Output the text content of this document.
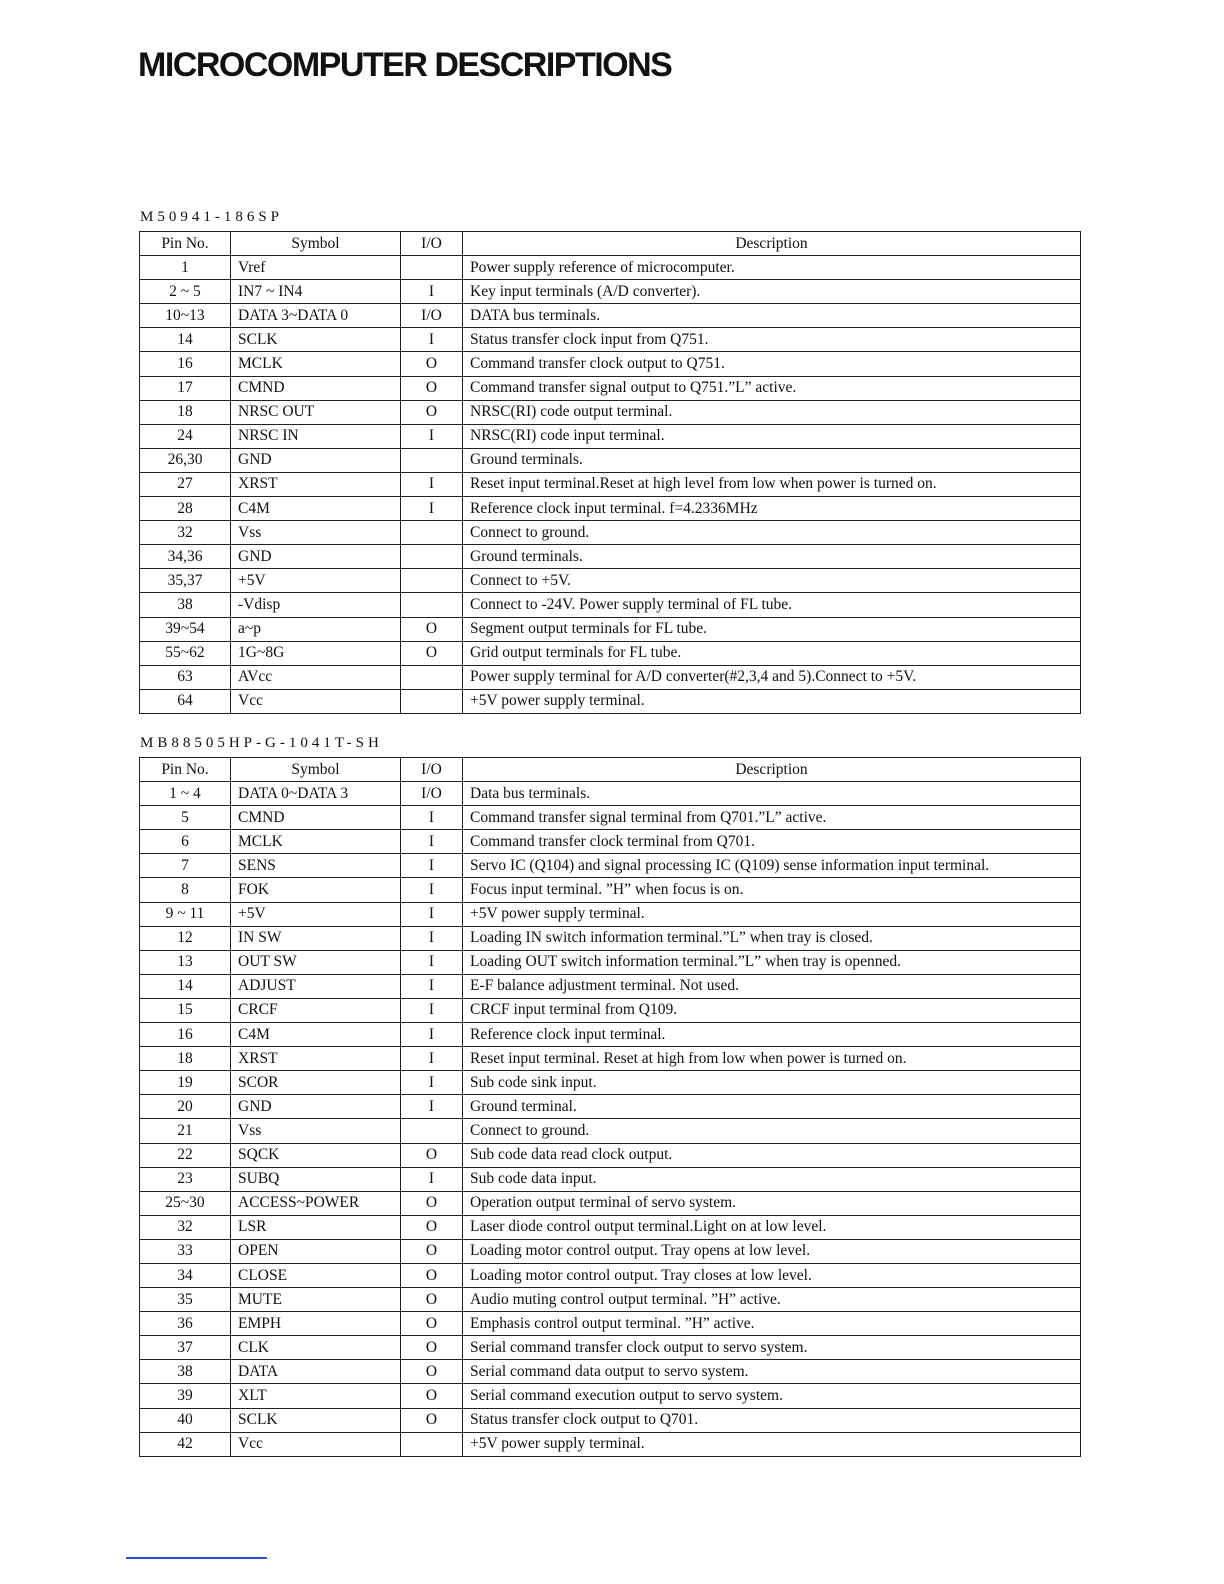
MICROCOMPUTER DESCRIPTIONS
M50941-186SP
Pin No.	Symbol	I/O	Description
1	Vref		Power supply reference of microcomputer.
2 ~ 5	IN7 ~ IN4	I	Key input terminals (A/D converter).
10~13	DATA 3~DATA 0	I/O	DATA bus terminals.
14	SCLK	I	Status transfer clock input from Q751.
16	MCLK	O	Command transfer clock output to Q751.
17	CMND	O	Command transfer signal output to Q751.”L” active.
18	NRSC OUT	O	NRSC(RI) code output terminal.
24	NRSC IN	I	NRSC(RI) code input terminal.
26,30	GND		Ground terminals.
27	XRST	I	Reset input terminal.Reset at high level from low when power is turned on.
28	C4M	I	Reference clock input terminal. f=4.2336MHz
32	Vss		Connect to ground.
34,36	GND		Ground terminals.
35,37	+5V		Connect to +5V.
38	-Vdisp		Connect to -24V. Power supply terminal of FL tube.
39~54	a~p	O	Segment output terminals for FL tube.
55~62	1G~8G	O	Grid output terminals for FL tube.
63	AVcc		Power supply terminal for A/D converter(#2,3,4 and 5).Connect to +5V.
64	Vcc		+5V power supply terminal.
MB88505HP-G-1041T-SH
Pin No.	Symbol	I/O	Description
1 ~ 4	DATA 0~DATA 3	I/O	Data bus terminals.
5	CMND	I	Command transfer signal terminal from Q701.”L” active.
6	MCLK	I	Command transfer clock terminal from Q701.
7	SENS	I	Servo IC (Q104) and signal processing IC (Q109) sense information input terminal.
8	FOK	I	Focus input terminal. ”H” when focus is on.
9 ~ 11	+5V	I	+5V power supply terminal.
12	IN SW	I	Loading IN switch information terminal.”L” when tray is closed.
13	OUT SW	I	Loading OUT switch information terminal.”L” when tray is openned.
14	ADJUST	I	E-F balance adjustment terminal. Not used.
15	CRCF	I	CRCF input terminal from Q109.
16	C4M	I	Reference clock input terminal.
18	XRST	I	Reset input terminal. Reset at high from low when power is turned on.
19	SCOR	I	Sub code sink input.
20	GND	I	Ground terminal.
21	Vss		Connect to ground.
22	SQCK	O	Sub code data read clock output.
23	SUBQ	I	Sub code data input.
25~30	ACCESS~POWER	O	Operation output terminal of servo system.
32	LSR	O	Laser diode control output terminal.Light on at low level.
33	OPEN	O	Loading motor control output. Tray opens at low level.
34	CLOSE	O	Loading motor control output. Tray closes at low level.
35	MUTE	O	Audio muting control output terminal. ”H” active.
36	EMPH	O	Emphasis control output terminal. ”H” active.
37	CLK	O	Serial command transfer clock output to servo system.
38	DATA	O	Serial command data output to servo system.
39	XLT	O	Serial command execution output to servo system.
40	SCLK	O	Status transfer clock output to Q701.
42	Vcc		+5V power supply terminal.
